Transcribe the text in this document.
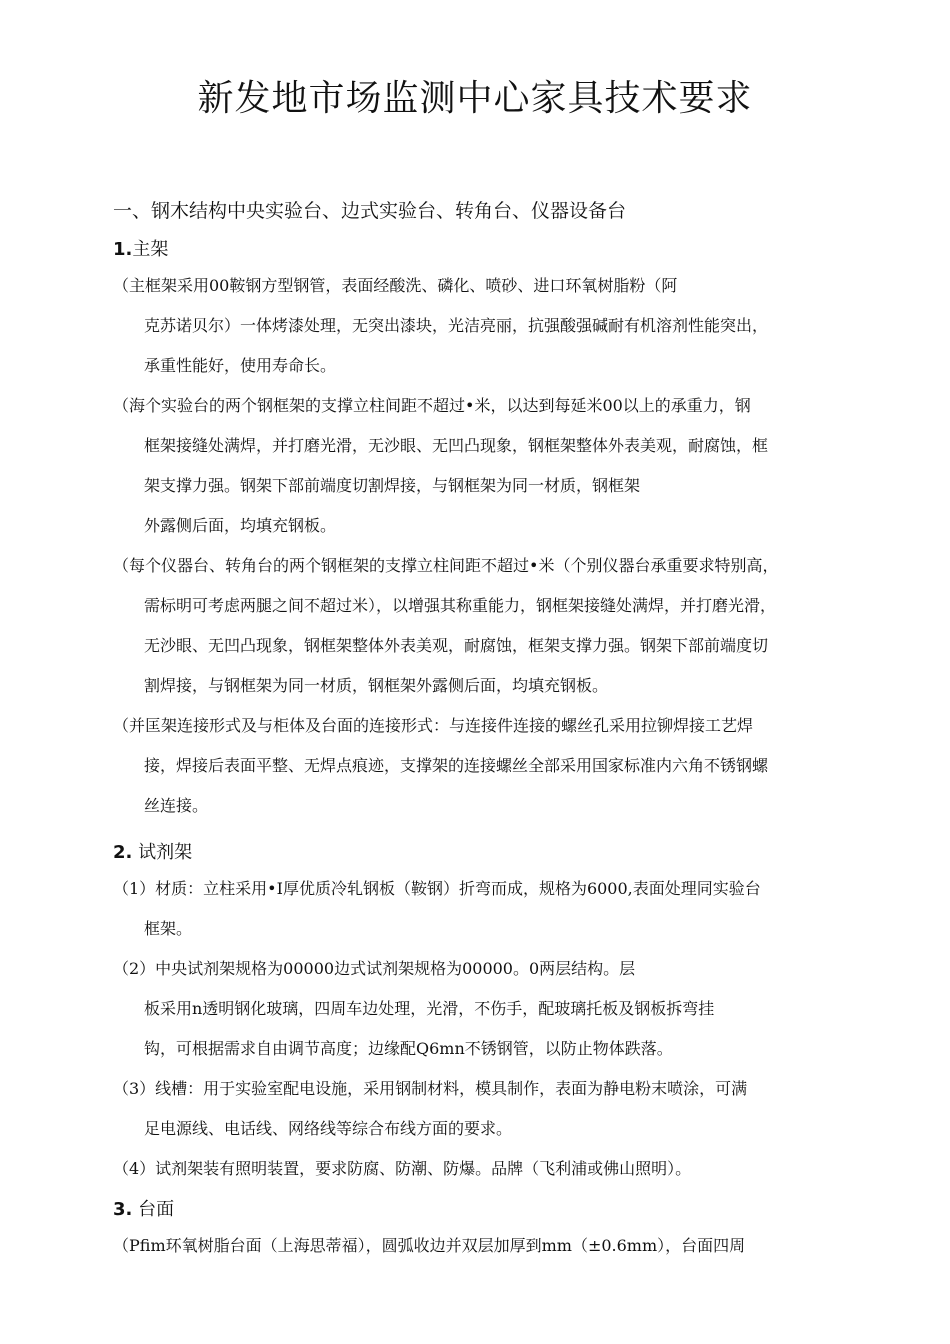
新发地市场监测中心家具技术要求
一、钢木结构中央实验台、边式实验台、转角台、仪器设备台
1.主架
（主框架采用00鞍钢方型钢管，表面经酸洗、磷化、喷砂、进口环氧树脂粉（阿
克苏诺贝尔）一体烤漆处理，无突出漆块，光洁亮丽，抗强酸强碱耐有机溶剂性能突出，
承重性能好，使用寿命长。
（海个实验台的两个钢框架的支撑立柱间距不超过•米，以达到每延米00以上的承重力，钢
框架接缝处满焊，并打磨光滑，无沙眼、无凹凸现象，钢框架整体外表美观，耐腐蚀，框
架支撑力强。钢架下部前端度切割焊接，与钢框架为同一材质，钢框架
外露侧后面，均填充钢板。
（每个仪器台、转角台的两个钢框架的支撑立柱间距不超过•米（个别仪器台承重要求特别高，
需标明可考虑两腿之间不超过米），以增强其称重能力，钢框架接缝处满焊，并打磨光滑，
无沙眼、无凹凸现象，钢框架整体外表美观，耐腐蚀，框架支撑力强。钢架下部前端度切
割焊接，与钢框架为同一材质，钢框架外露侧后面，均填充钢板。
（并匡架连接形式及与柜体及台面的连接形式：与连接件连接的螺丝孔采用拉铆焊接工艺焊
接，焊接后表面平整、无焊点痕迹，支撑架的连接螺丝全部采用国家标准内六角不锈钢螺
丝连接。
2. 试剂架
（1）材质：立柱采用•I厚优质冷轧钢板（鞍钢）折弯而成，规格为6000,表面处理同实验台
框架。
（2）中央试剂架规格为00000边式试剂架规格为00000。0两层结构。层
板采用n透明钢化玻璃，四周车边处理，光滑，不伤手，配玻璃托板及钢板拆弯挂
钩，可根据需求自由调节高度；边缘配Q6mn不锈钢管，以防止物体跌落。
（3）线槽：用于实验室配电设施，采用钢制材料，模具制作，表面为静电粉末喷涂，可满
足电源线、电话线、网络线等综合布线方面的要求。
（4）试剂架装有照明装置，要求防腐、防潮、防爆。品牌（飞利浦或佛山照明）。
3. 台面
（Pfim环氧树脂台面（上海思蒂福），圆弧收边并双层加厚到mm（±0.6mm），台面四周
